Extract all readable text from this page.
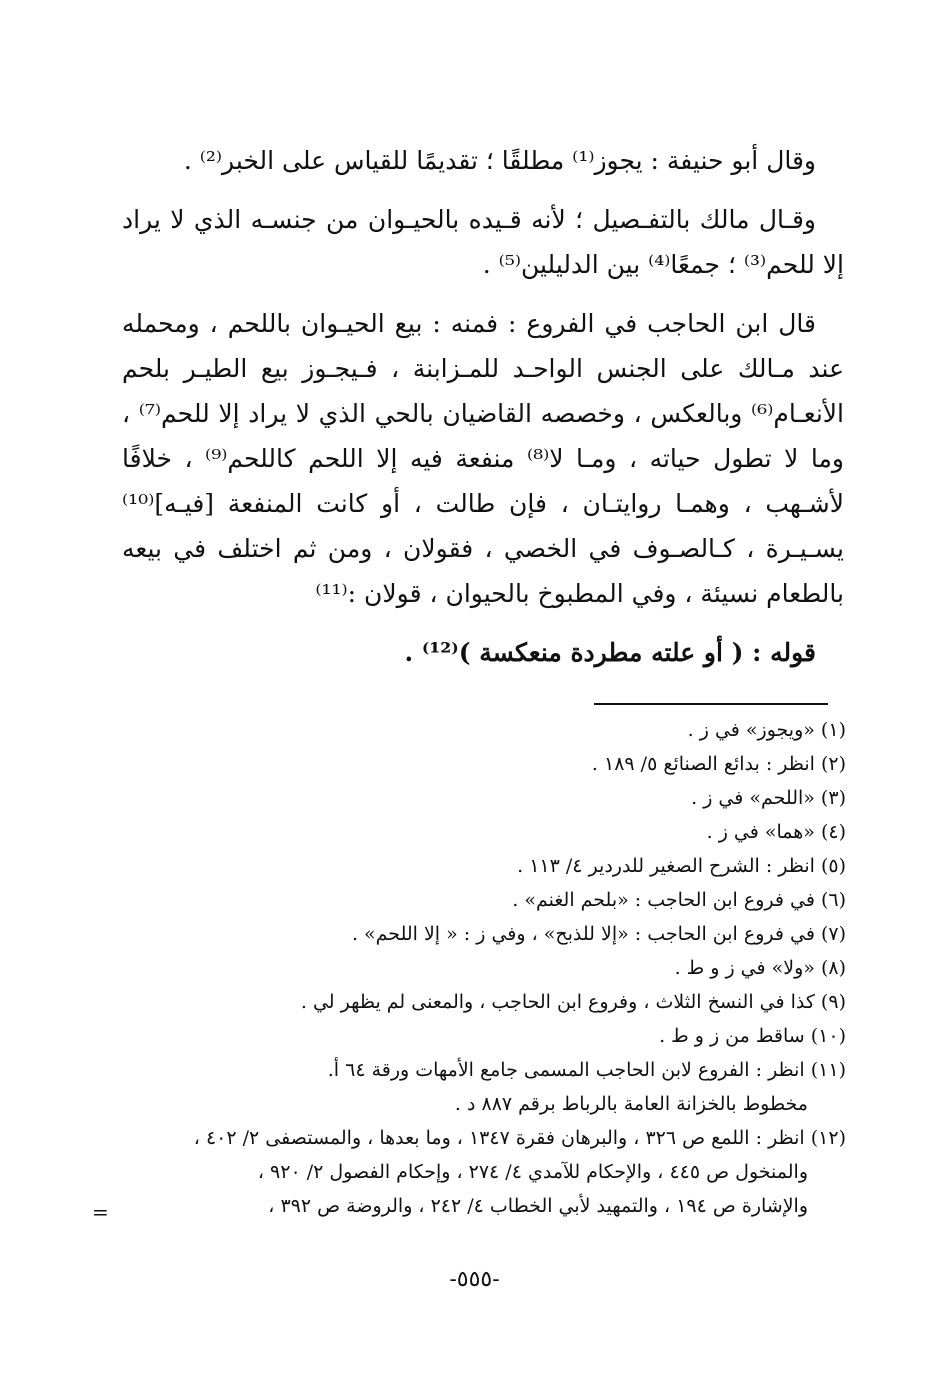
وقال أبو حنيفة : يجوز⁽¹⁾ مطلقًا ؛ تقديمًا للقياس على الخبر⁽²⁾ .

وقـال مالك بالتفـصيل ؛ لأنه قـيده بالحيـوان من جنسـه الذي لا يراد إلا للحم⁽³⁾ ؛ جمعًا⁽⁴⁾ بين الدليلين⁽⁵⁾ .

قال ابن الحاجب في الفروع : فمنه : بيع الحيـوان باللحم ، ومحمله عند مـالك على الجنس الواحـد للمـزابنة ، فـيجـوز بيع الطيـر بلحم الأنعـام⁽⁶⁾ وبالعكس ، وخصصه القاضيان بالحي الذي لا يراد إلا للحم⁽⁷⁾ ، وما لا تطول حياته ، ومـا لا⁽⁸⁾ منفعة فيه إلا اللحم كاللحم⁽⁹⁾ ، خلافًا لأشـهب ، وهمـا روايتـان ، فإن طالت ، أو كانت المنفعة [فيـه]⁽¹⁰⁾ يسـيـرة ، كـالصـوف في الخصي ، فقولان ، ومن ثم اختلف في بيعه بالطعام نسيئة ، وفي المطبوخ بالحيوان ، قولان :⁽¹¹⁾

قوله : ( أو علته مطردة منعكسة )⁽¹²⁾ .

(١) «ويجوز» في ز .
(٢) انظر : بدائع الصنائع ٥/ ١٨٩ .
(٣) «اللحم» في ز .
(٤) «هما» في ز .
(٥) انظر : الشرح الصغير للدردير ٤/ ١١٣ .
(٦) في فروع ابن الحاجب : «بلحم الغنم» .
(٧) في فروع ابن الحاجب : «إلا للذبح» ، وفي ز : « إلا اللحم» .
(٨) «ولا» في ز و ط .
(٩) كذا في النسخ الثلاث ، وفروع ابن الحاجب ، والمعنى لم يظهر لي .
(١٠) ساقط من ز و ط .
(١١) انظر : الفروع لابن الحاجب المسمى جامع الأمهات ورقة ٦٤ أ.
مخطوط بالخزانة العامة بالرباط برقم ٨٨٧ د .
(١٢) انظر : اللمع ص ٣٢٦ ، والبرهان فقرة ١٣٤٧ ، وما بعدها ، والمستصفى ٢/ ٤٠٢ ،
والمنخول ص ٤٤٥ ، والإحكام للآمدي ٤/ ٢٧٤ ، وإحكام الفصول ٢/ ٩٢٠ ،
والإشارة ص ١٩٤ ، والتمهيد لأبي الخطاب ٤/ ٢٤٢ ، والروضة ص ٣٩٢ ،
=
-٥٥٥-
